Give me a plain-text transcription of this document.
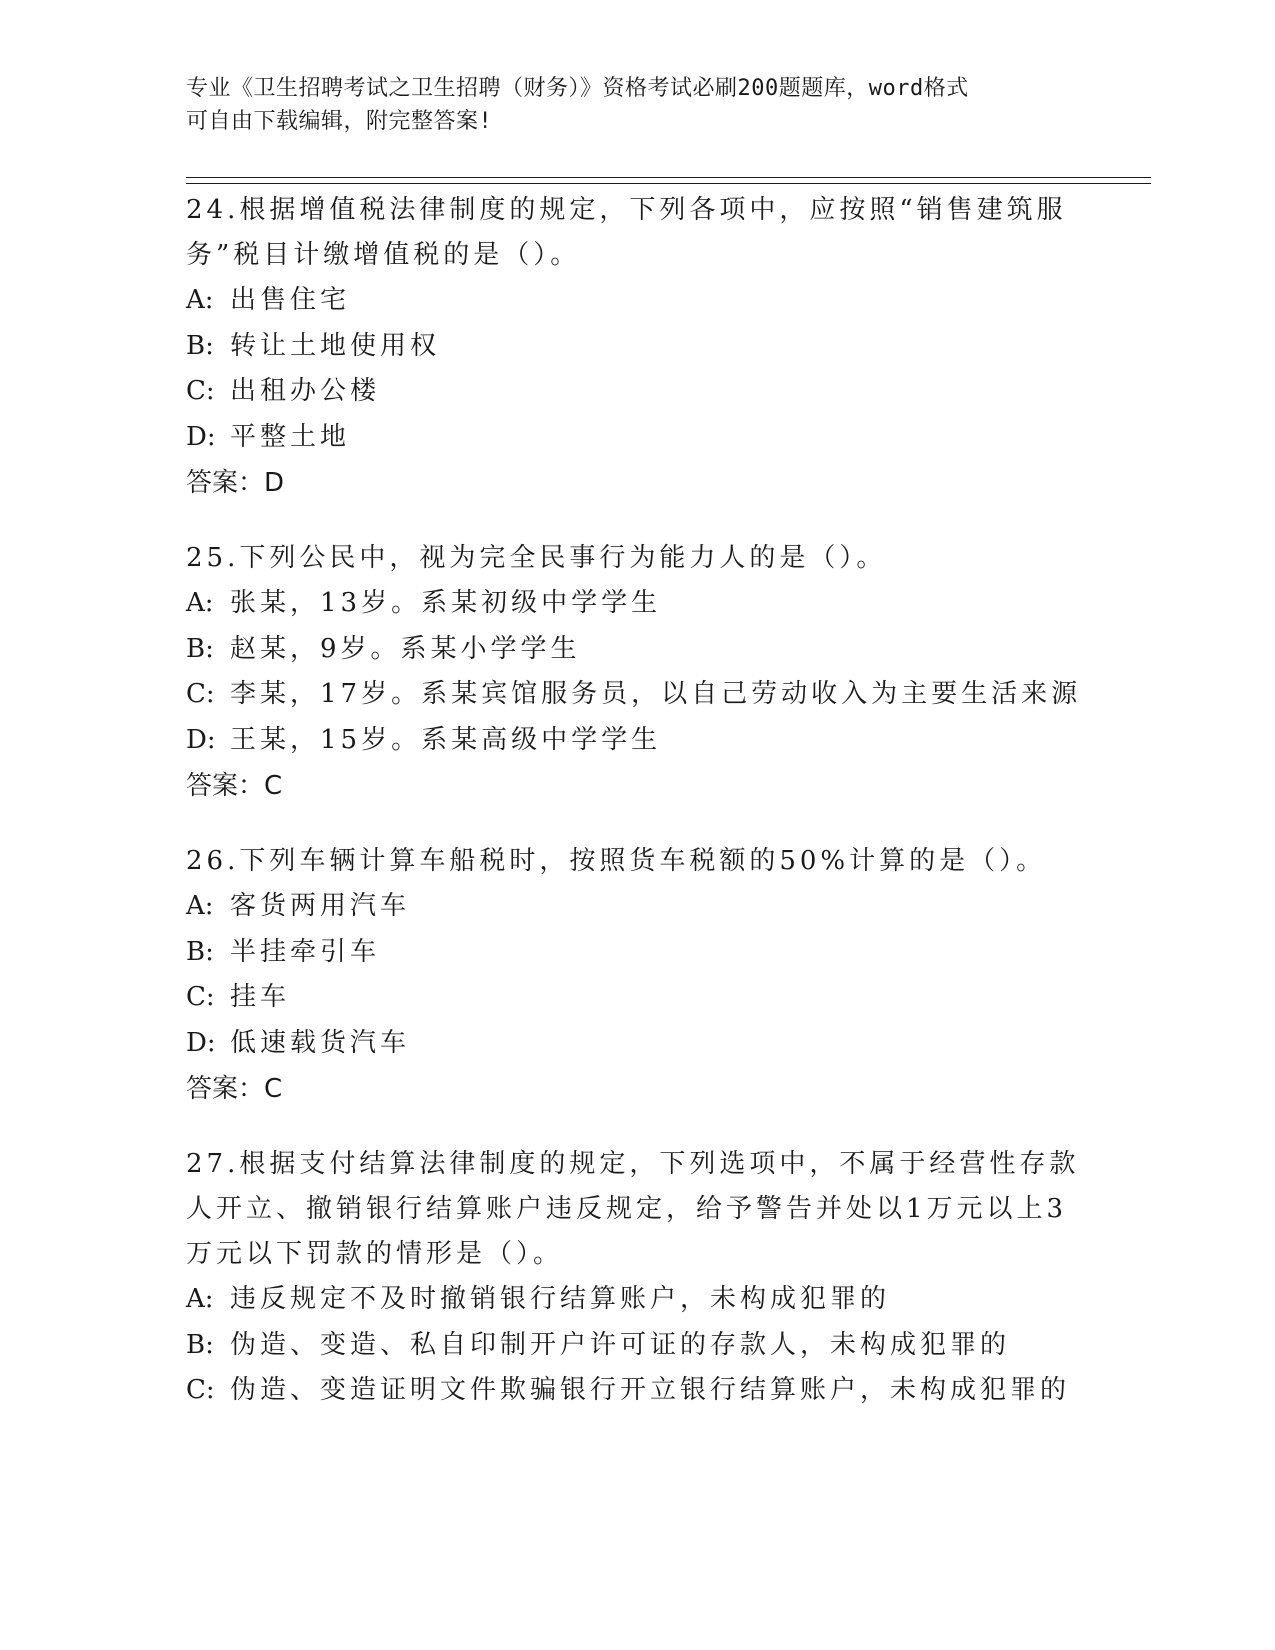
专业《卫生招聘考试之卫生招聘（财务）》资格考试必刷200题题库，word格式

可自由下载编辑，附完整答案!

24.根据增值税法律制度的规定，下列各项中，应按照“销售建筑服务”税目计缴增值税的是（）。

A: 出售住宅

B: 转让土地使用权

C: 出租办公楼

D: 平整土地

答案：D

25.下列公民中，视为完全民事行为能力人的是（）。

A: 张某，13岁。系某初级中学学生

B: 赵某，9岁。系某小学学生

C: 李某，17岁。系某宾馆服务员，以自己劳动收入为主要生活来源

D: 王某，15岁。系某高级中学学生

答案：C

26.下列车辆计算车船税时，按照货车税额的50%计算的是（）。

A: 客货两用汽车

B: 半挂牵引车

C: 挂车

D: 低速载货汽车

答案：C

27.根据支付结算法律制度的规定，下列选项中，不属于经营性存款人开立、撤销银行结算账户违反规定，给予警告并处以1万元以上3万元以下罚款的情形是（）。

A: 违反规定不及时撤销银行结算账户，未构成犯罪的

B: 伪造、变造、私自印制开户许可证的存款人，未构成犯罪的

C: 伪造、变造证明文件欺骗银行开立银行结算账户，未构成犯罪的
